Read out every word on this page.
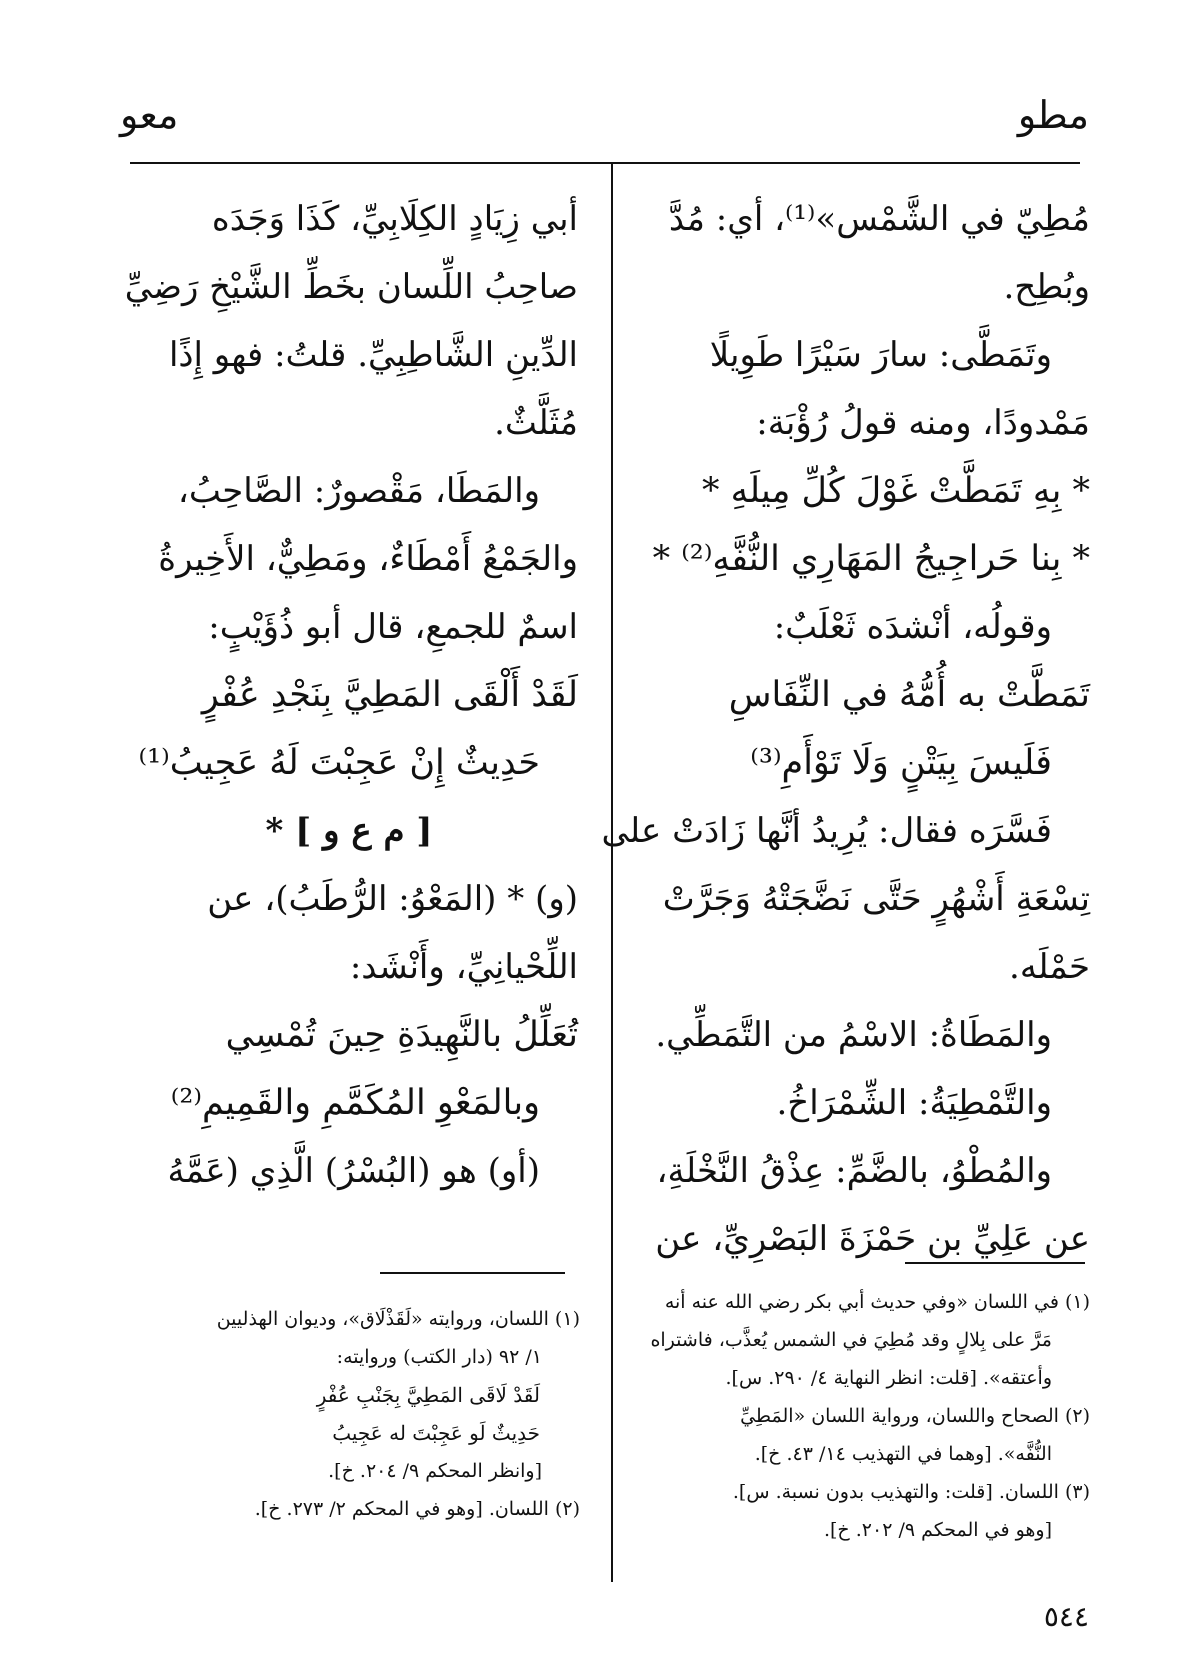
مطو
معو
مُطِيّ في الشَّمْس»⁽¹⁾، أي: مُدَّ
وبُطِح.
وتَمَطَّى: سارَ سَيْرًا طَوِيلًا
مَمْدودًا، ومنه قولُ رُؤْبَة:
* بِهِ تَمَطَّتْ غَوْلَ كُلِّ مِيلَهِ *
* بِنا حَراجِيجُ المَهَارِي النُّفَّهِ⁽²⁾ *
وقولُه، أنْشدَه ثَعْلَبٌ:
تَمَطَّتْ به أُمُّهُ في النِّفَاسِ
فَلَيسَ بِيَتْنٍ وَلَا تَوْأَمِ⁽³⁾
فَسَّرَه فقال: يُرِيدُ أنَّها زَادَتْ على
تِسْعَةِ أَشْهُرٍ حَتَّى نَضَّجَتْهُ وَجَرَّتْ
حَمْلَه.
والمَطَاةُ: الاسْمُ من التَّمَطِّي.
والتَّمْطِيَةُ: الشِّمْرَاخُ.
والمُطْوُ، بالضَّمِّ: عِذْقُ النَّخْلَةِ،
عن عَلِيِّ بن حَمْزَةَ البَصْرِيِّ، عن
أبي زِيَادٍ الكِلَابِيِّ، كَذَا وَجَدَه
صاحِبُ اللِّسان بخَطِّ الشَّيْخِ رَضِيِّ
الدِّينِ الشَّاطِبِيِّ. قلتُ: فهو إِذًا
مُثَلَّثٌ.
والمَطَا، مَقْصورٌ: الصَّاحِبُ،
والجَمْعُ أَمْطَاءٌ، ومَطِيٌّ، الأَخِيرةُ
اسمٌ للجمعِ، قال أبو ذُؤَيْبٍ:
لَقَدْ أَلْقَى المَطِيَّ بِنَجْدِ عُفْرٍ
حَدِيثٌ إِنْ عَجِبْتَ لَهُ عَجِيبُ⁽¹⁾
[ م ع و ] *
(و) * (المَعْوُ: الرُّطَبُ)، عن
اللِّحْيانِيِّ، وأَنْشَد:
تُعَلِّلُ بالنَّهِيدَةِ حِينَ تُمْسِي
وبالمَعْوِ المُكَمَّمِ والقَمِيمِ⁽²⁾
(أو) هو (البُسْرُ) الَّذِي (عَمَّهُ
(١) في اللسان «وفي حديث أبي بكر رضي الله عنه أنه
مَرَّ على بِلالٍ وقد مُطِيَ في الشمس يُعذَّب، فاشتراه
وأعتقه». [قلت: انظر النهاية ٤/ ٢٩٠. س].
(٢) الصحاح واللسان، ورواية اللسان «المَطِيِّ
النُّفَّه». [وهما في التهذيب ١٤/ ٤٣. خ].
(٣) اللسان. [قلت: والتهذيب بدون نسبة. س].
[وهو في المحكم ٩/ ٢٠٢. خ].
(١) اللسان، وروايته «لَقَذْلَاق»، وديوان الهذليين
١/ ٩٢ (دار الكتب) وروايته:
لَقَدْ لَاقَى المَطِيَّ بِجَنْبِ عُفْرٍ
حَدِيثٌ لَو عَجِبْتَ له عَجِيبُ
[وانظر المحكم ٩/ ٢٠٤. خ].
(٢) اللسان. [وهو في المحكم ٢/ ٢٧٣. خ].
٥٤٤
